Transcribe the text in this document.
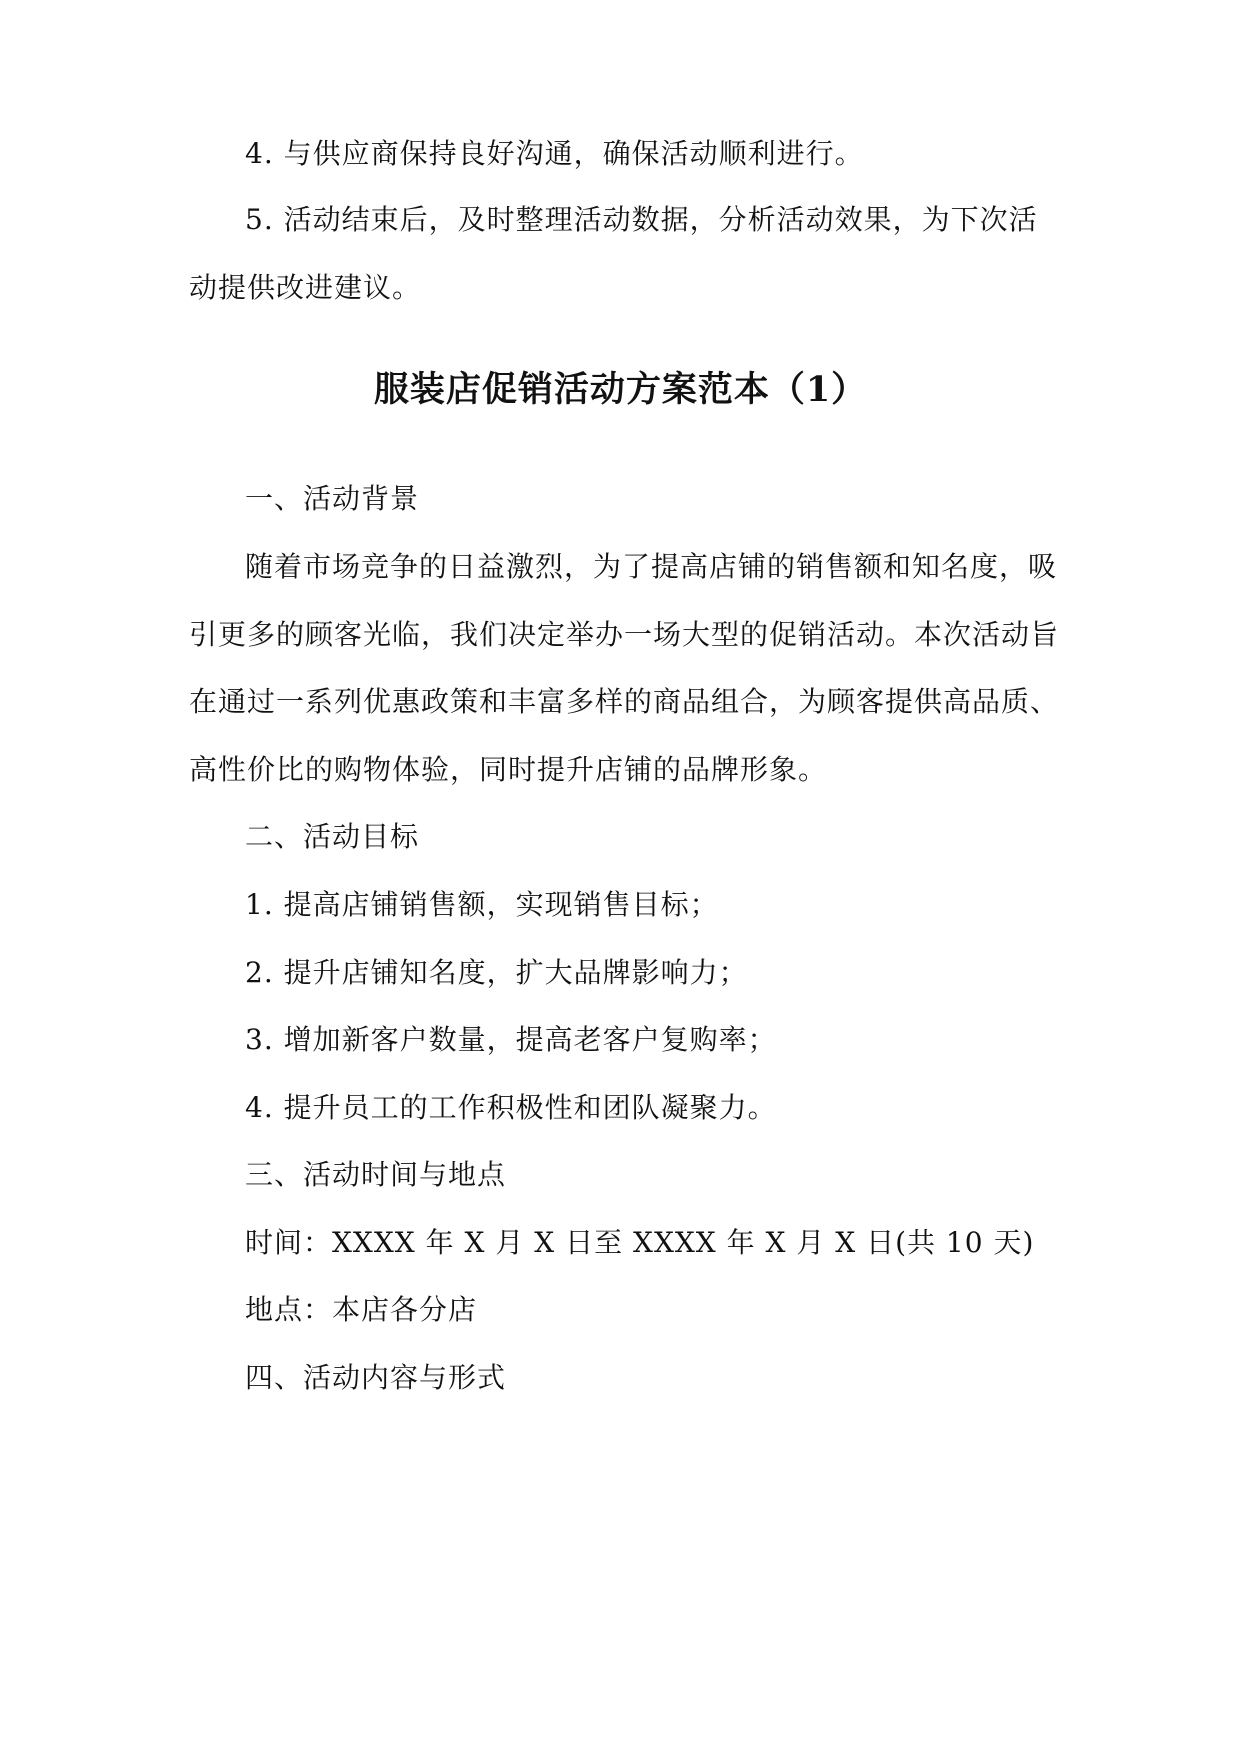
4. 与供应商保持良好沟通，确保活动顺利进行。
5. 活动结束后，及时整理活动数据，分析活动效果，为下次活
动提供改进建议。
服装店促销活动方案范本（1）
一、活动背景
随着市场竞争的日益激烈，为了提高店铺的销售额和知名度，吸
引更多的顾客光临，我们决定举办一场大型的促销活动。本次活动旨
在通过一系列优惠政策和丰富多样的商品组合，为顾客提供高品质、
高性价比的购物体验，同时提升店铺的品牌形象。
二、活动目标
1. 提高店铺销售额，实现销售目标；
2. 提升店铺知名度，扩大品牌影响力；
3. 增加新客户数量，提高老客户复购率；
4. 提升员工的工作积极性和团队凝聚力。
三、活动时间与地点
时间：XXXX 年 X 月 X 日至 XXXX 年 X 月 X 日(共 10 天)
地点：本店各分店
四、活动内容与形式
